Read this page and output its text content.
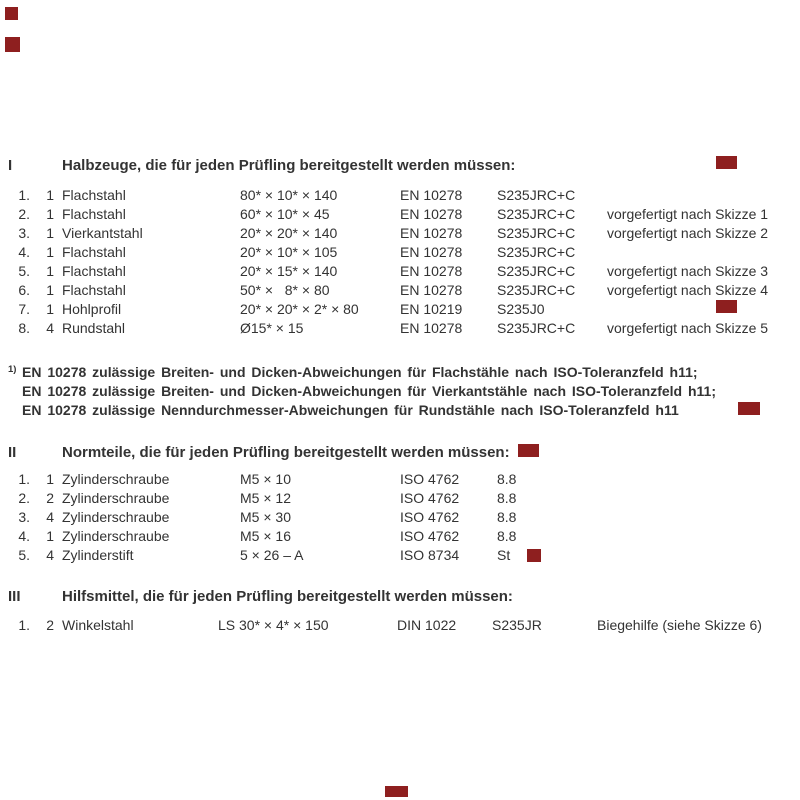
I	Halbzeuge, die für jeden Prüfling bereitgestellt werden müssen:
1.	1 Flachstahl	80* × 10* × 140	EN 10278	S235JRC+C
2.	1 Flachstahl	60* × 10* × 45	EN 10278	S235JRC+C	vorgefertigt nach Skizze 1
3.	1 Vierkantstahl	20* × 20* × 140	EN 10278	S235JRC+C	vorgefertigt nach Skizze 2
4.	1 Flachstahl	20* × 10* × 105	EN 10278	S235JRC+C
5.	1 Flachstahl	20* × 15* × 140	EN 10278	S235JRC+C	vorgefertigt nach Skizze 3
6.	1 Flachstahl	50* ×   8* × 80	EN 10278	S235JRC+C	vorgefertigt nach Skizze 4
7.	1 Hohlprofil	20* × 20* × 2* × 80	EN 10219	S235J0
8.	4 Rundstahl	Ø15* × 15	EN 10278	S235JRC+C	vorgefertigt nach Skizze 5
1) EN 10278 zulässige Breiten- und Dicken-Abweichungen für Flachstähle nach ISO-Toleranzfeld h11;
EN 10278 zulässige Breiten- und Dicken-Abweichungen für Vierkantstähle nach ISO-Toleranzfeld h11;
EN 10278 zulässige Nenndurchmesser-Abweichungen für Rundstähle nach ISO-Toleranzfeld h11
II	Normteile, die für jeden Prüfling bereitgestellt werden müssen:
1.	1 Zylinderschraube	M5 × 10	ISO 4762	8.8
2.	2 Zylinderschraube	M5 × 12	ISO 4762	8.8
3.	4 Zylinderschraube	M5 × 30	ISO 4762	8.8
4.	1 Zylinderschraube	M5 × 16	ISO 4762	8.8
5.	4 Zylinderstift	5 × 26 – A	ISO 8734	St
III	Hilfsmittel, die für jeden Prüfling bereitgestellt werden müssen:
1.	2 Winkelstahl	LS 30* × 4* × 150	DIN 1022	S235JR	Biegehilfe (siehe Skizze 6)
